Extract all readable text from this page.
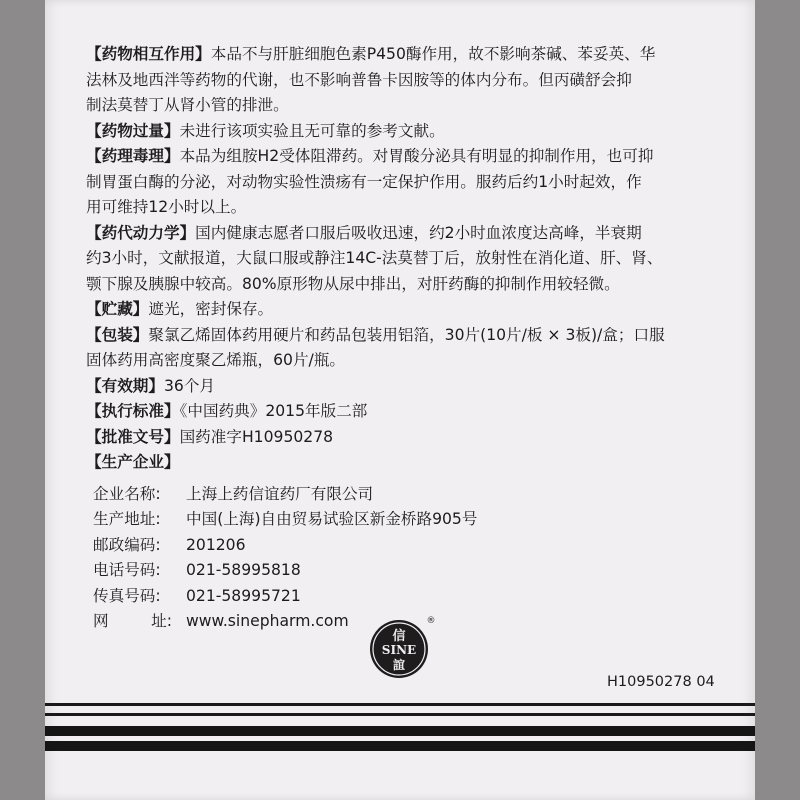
【药物相互作用】本品不与肝脏细胞色素P450酶作用，故不影响茶碱、苯妥英、华
法林及地西泮等药物的代谢，也不影响普鲁卡因胺等的体内分布。但丙磺舒会抑
制法莫替丁从肾小管的排泄。
【药物过量】未进行该项实验且无可靠的参考文献。
【药理毒理】本品为组胺H2受体阻滞药。对胃酸分泌具有明显的抑制作用，也可抑
制胃蛋白酶的分泌，对动物实验性溃疡有一定保护作用。服药后约1小时起效，作
用可维持12小时以上。
【药代动力学】国内健康志愿者口服后吸收迅速，约2小时血浓度达高峰，半衰期
约3小时，文献报道，大鼠口服或静注14C-法莫替丁后，放射性在消化道、肝、肾、
颚下腺及胰腺中较高。80%原形物从尿中排出，对肝药酶的抑制作用较轻微。
【贮藏】遮光，密封保存。
【包装】聚氯乙烯固体药用硬片和药品包装用铝箔，30片(10片/板 × 3板)/盒；口服
固体药用高密度聚乙烯瓶，60片/瓶。
【有效期】36个月
【执行标准】《中国药典》2015年版二部
【批准文号】国药准字H10950278
【生产企业】
企业名称:	上海上药信谊药厂有限公司
生产地址:	中国(上海)自由贸易试验区新金桥路905号
邮政编码:	201206
电话号码:	021-58995818
传真号码:	021-58995721
网	址: www.sinepharm.com
信
SINE
誼
®
H10950278 04
